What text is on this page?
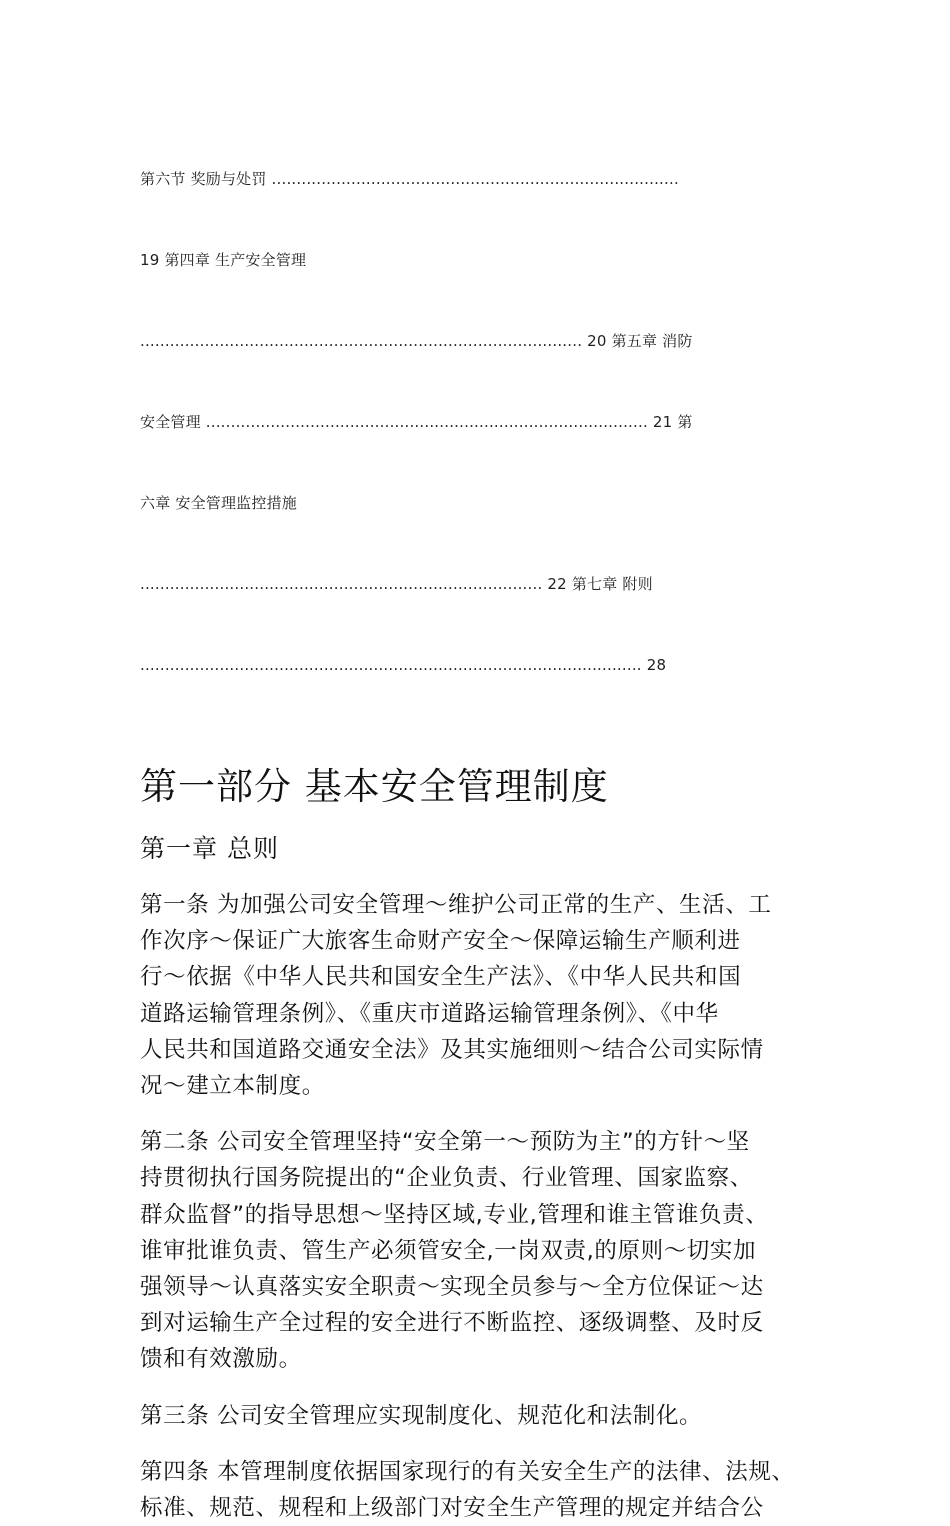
第六节 奖励与处罚 ..................................................................................

19 第四章 生产安全管理

......................................................................................... 20 第五章 消防

安全管理 ......................................................................................... 21 第

六章 安全管理监控措施

................................................................................. 22 第七章 附则

..................................................................................................... 28

第一部分 基本安全管理制度
第一章 总则
第一条 为加强公司安全管理～维护公司正常的生产、生活、工
作次序～保证广大旅客生命财产安全～保障运输生产顺利进
行～依据《中华人民共和国安全生产法》、《中华人民共和国
道路运输管理条例》、《重庆市道路运输管理条例》、《中华
人民共和国道路交通安全法》及其实施细则～结合公司实际情
况～建立本制度。
第二条 公司安全管理坚持“安全第一～预防为主”的方针～坚
持贯彻执行国务院提出的“企业负责、行业管理、国家监察、
群众监督”的指导思想～坚持区域,专业,管理和谁主管谁负责、
谁审批谁负责、管生产必须管安全,一岗双责,的原则～切实加
强领导～认真落实安全职责～实现全员参与～全方位保证～达
到对运输生产全过程的安全进行不断监控、逐级调整、及时反
馈和有效激励。
第三条 公司安全管理应实现制度化、规范化和法制化。
第四条 本管理制度依据国家现行的有关安全生产的法律、法规、
标准、规范、规程和上级部门对安全生产管理的规定并结合公
